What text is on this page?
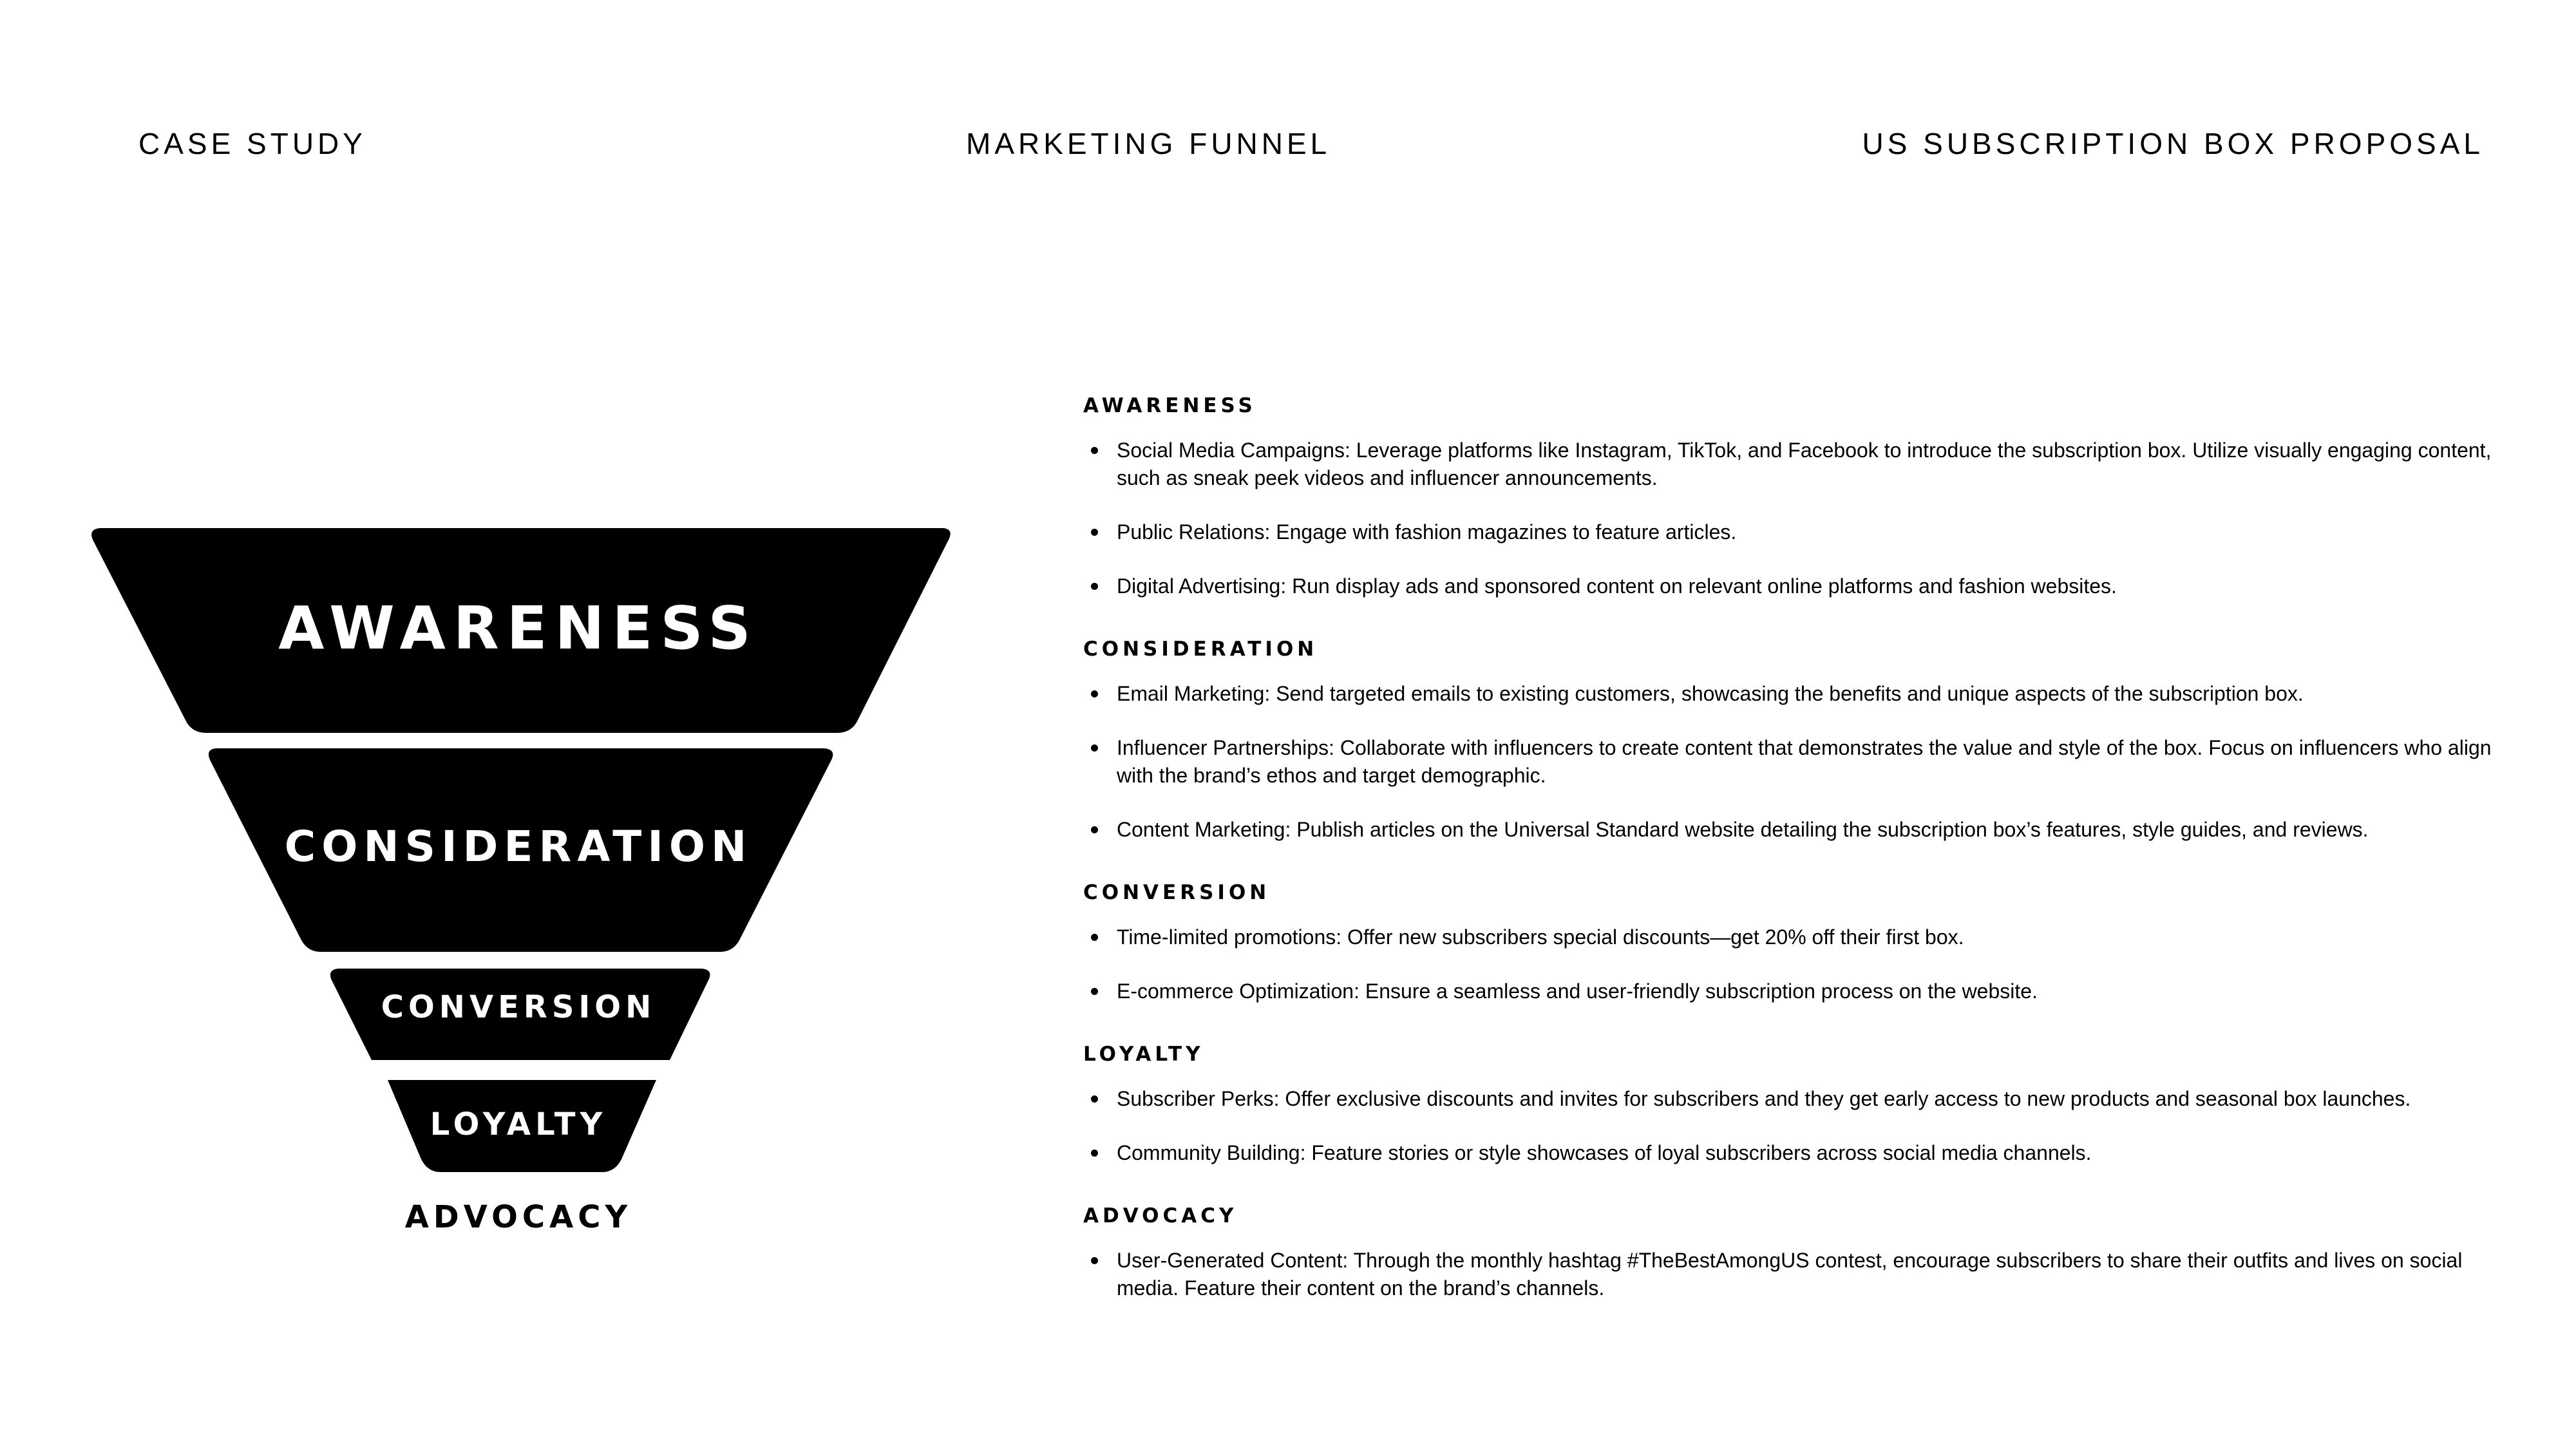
CASE STUDY	MARKETING FUNNEL	US SUBSCRIPTION BOX PROPOSAL
AWARENESS
CONSIDERATION
CONVERSION
LOYALTY
ADVOCACY
AWARENESS
Social Media Campaigns: Leverage platforms like Instagram, TikTok, and Facebook to introduce the subscription box. Utilize visually engaging content, such as sneak peek videos and influencer announcements.
Public Relations: Engage with fashion magazines to feature articles.
Digital Advertising: Run display ads and sponsored content on relevant online platforms and fashion websites.
CONSIDERATION
Email Marketing: Send targeted emails to existing customers, showcasing the benefits and unique aspects of the subscription box.
Influencer Partnerships: Collaborate with influencers to create content that demonstrates the value and style of the box. Focus on influencers who align with the brand’s ethos and target demographic.
Content Marketing: Publish articles on the Universal Standard website detailing the subscription box’s features, style guides, and reviews.
CONVERSION
Time-limited promotions: Offer new subscribers special discounts—get 20% off their first box.
E-commerce Optimization: Ensure a seamless and user-friendly subscription process on the website.
LOYALTY
Subscriber Perks: Offer exclusive discounts and invites for subscribers and they get early access to new products and seasonal box launches.
Community Building: Feature stories or style showcases of loyal subscribers across social media channels.
ADVOCACY
User-Generated Content: Through the monthly hashtag #TheBestAmongUS contest, encourage subscribers to share their outfits and lives on social media. Feature their content on the brand’s channels.
